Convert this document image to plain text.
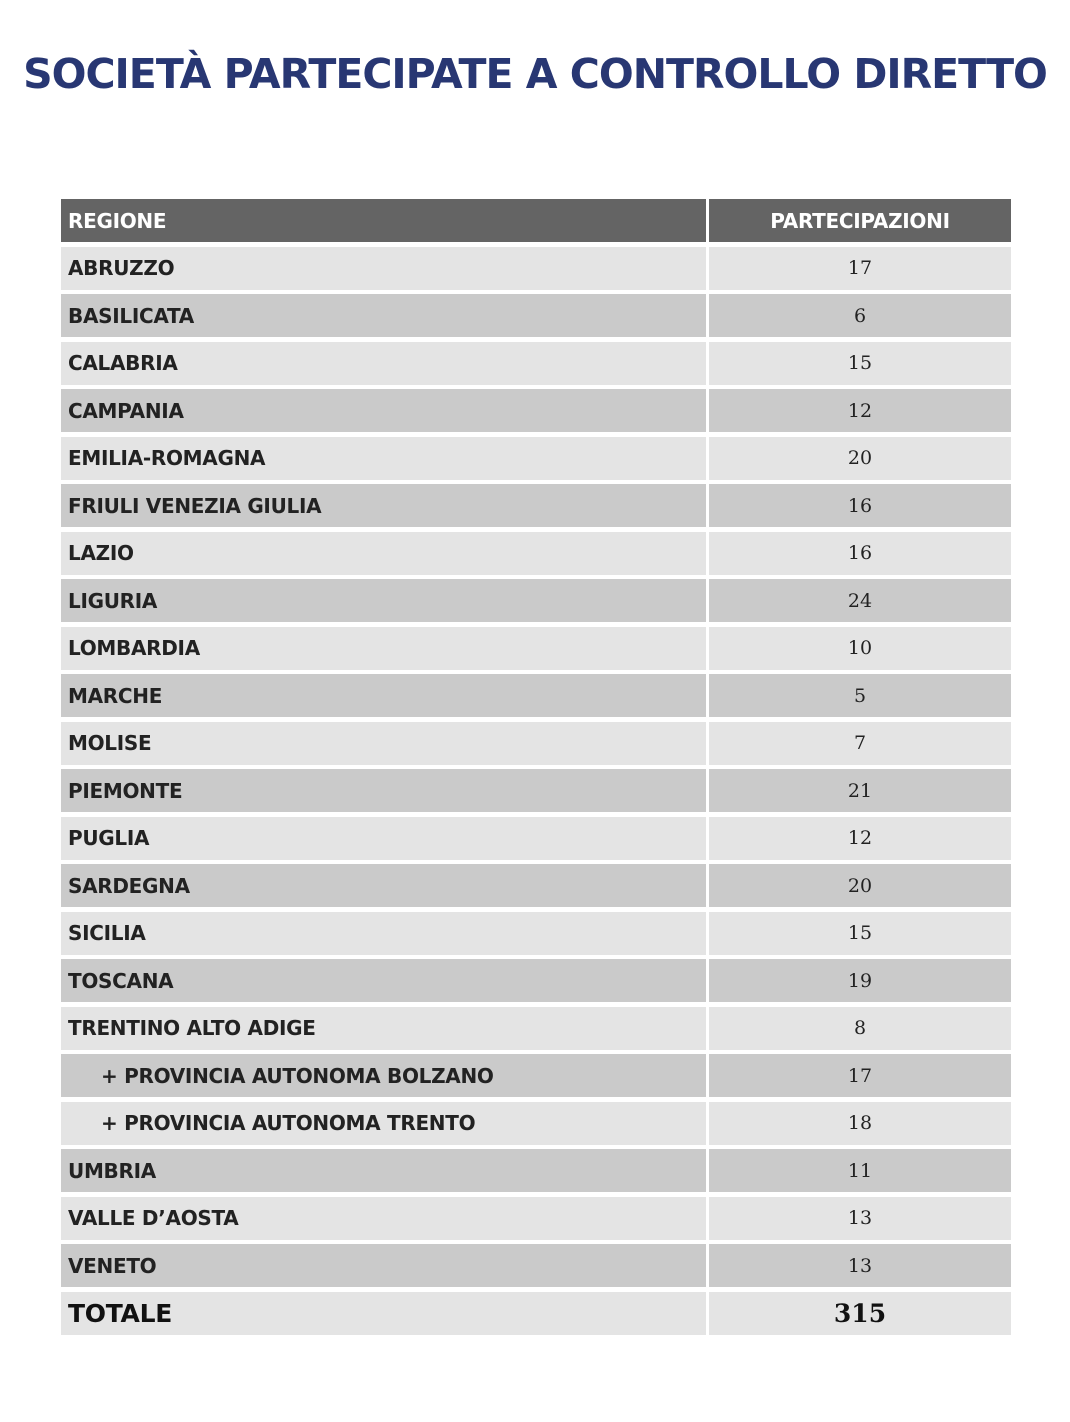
SOCIETÀ PARTECIPATE A CONTROLLO DIRETTO
REGIONE	PARTECIPAZIONI
ABRUZZO	17
BASILICATA	6
CALABRIA	15
CAMPANIA	12
EMILIA-ROMAGNA	20
FRIULI VENEZIA GIULIA	16
LAZIO	16
LIGURIA	24
LOMBARDIA	10
MARCHE	5
MOLISE	7
PIEMONTE	21
PUGLIA	12
SARDEGNA	20
SICILIA	15
TOSCANA	19
TRENTINO ALTO ADIGE	8
+ PROVINCIA AUTONOMA BOLZANO	17
+ PROVINCIA AUTONOMA TRENTO	18
UMBRIA	11
VALLE D’AOSTA	13
VENETO	13
TOTALE	315
